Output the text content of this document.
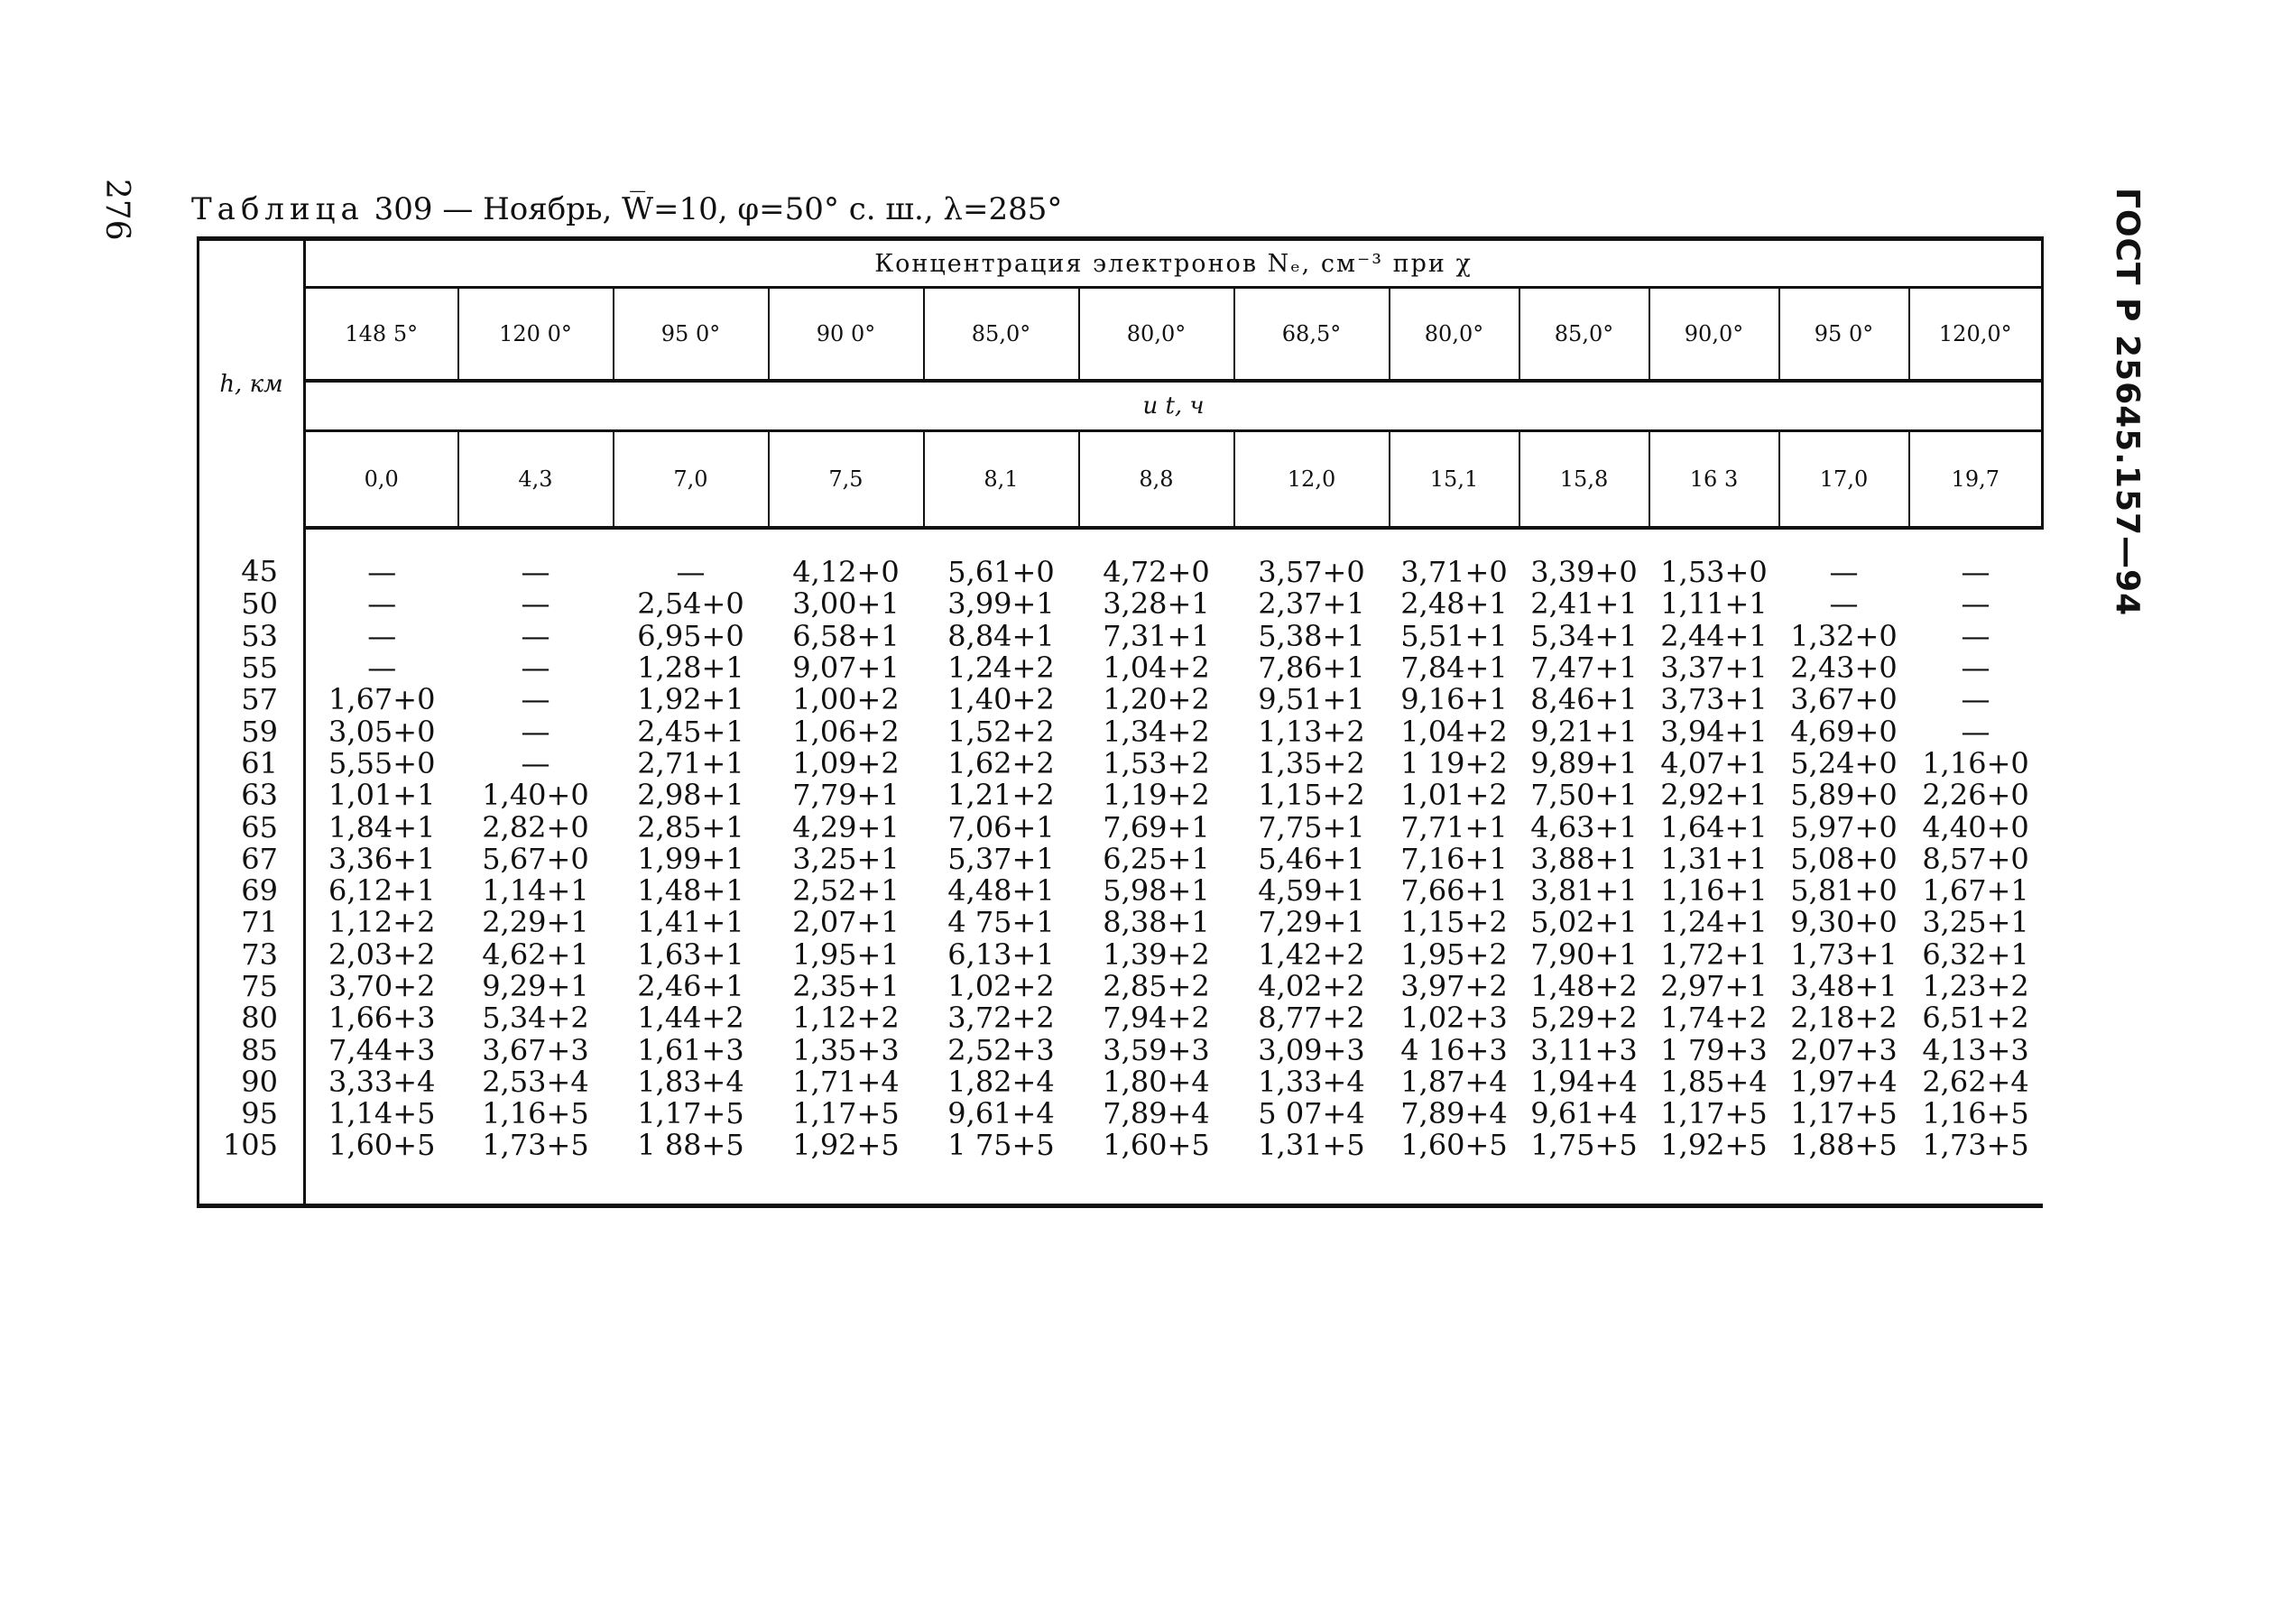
276	ГОСТ Р 25645.157—94
Таблица 309 — Ноябрь, W̅=10, φ=50° с. ш., λ=285°
h, км	Концентрация электронов Nₑ, см⁻³ при χ											
	148 5°	120 0°	95 0°	90 0°	85,0°	80,0°	68,5°	80,0°	85,0°	90,0°	95 0°	120,0°
	и t, ч											
	0,0	4,3	7,0	7,5	8,1	8,8	12,0	15,1	15,8	16 3	17,0	19,7
45	—	—	—	4,12+0	5,61+0	4,72+0	3,57+0	3,71+0	3,39+0	1,53+0	—	—
50	—	—	2,54+0	3,00+1	3,99+1	3,28+1	2,37+1	2,48+1	2,41+1	1,11+1	—	—
53	—	—	6,95+0	6,58+1	8,84+1	7,31+1	5,38+1	5,51+1	5,34+1	2,44+1	1,32+0	—
55	—	—	1,28+1	9,07+1	1,24+2	1,04+2	7,86+1	7,84+1	7,47+1	3,37+1	2,43+0	—
57	1,67+0	—	1,92+1	1,00+2	1,40+2	1,20+2	9,51+1	9,16+1	8,46+1	3,73+1	3,67+0	—
59	3,05+0	—	2,45+1	1,06+2	1,52+2	1,34+2	1,13+2	1,04+2	9,21+1	3,94+1	4,69+0	—
61	5,55+0	—	2,71+1	1,09+2	1,62+2	1,53+2	1,35+2	1 19+2	9,89+1	4,07+1	5,24+0	1,16+0
63	1,01+1	1,40+0	2,98+1	7,79+1	1,21+2	1,19+2	1,15+2	1,01+2	7,50+1	2,92+1	5,89+0	2,26+0
65	1,84+1	2,82+0	2,85+1	4,29+1	7,06+1	7,69+1	7,75+1	7,71+1	4,63+1	1,64+1	5,97+0	4,40+0
67	3,36+1	5,67+0	1,99+1	3,25+1	5,37+1	6,25+1	5,46+1	7,16+1	3,88+1	1,31+1	5,08+0	8,57+0
69	6,12+1	1,14+1	1,48+1	2,52+1	4,48+1	5,98+1	4,59+1	7,66+1	3,81+1	1,16+1	5,81+0	1,67+1
71	1,12+2	2,29+1	1,41+1	2,07+1	4 75+1	8,38+1	7,29+1	1,15+2	5,02+1	1,24+1	9,30+0	3,25+1
73	2,03+2	4,62+1	1,63+1	1,95+1	6,13+1	1,39+2	1,42+2	1,95+2	7,90+1	1,72+1	1,73+1	6,32+1
75	3,70+2	9,29+1	2,46+1	2,35+1	1,02+2	2,85+2	4,02+2	3,97+2	1,48+2	2,97+1	3,48+1	1,23+2
80	1,66+3	5,34+2	1,44+2	1,12+2	3,72+2	7,94+2	8,77+2	1,02+3	5,29+2	1,74+2	2,18+2	6,51+2
85	7,44+3	3,67+3	1,61+3	1,35+3	2,52+3	3,59+3	3,09+3	4 16+3	3,11+3	1 79+3	2,07+3	4,13+3
90	3,33+4	2,53+4	1,83+4	1,71+4	1,82+4	1,80+4	1,33+4	1,87+4	1,94+4	1,85+4	1,97+4	2,62+4
95	1,14+5	1,16+5	1,17+5	1,17+5	9,61+4	7,89+4	5 07+4	7,89+4	9,61+4	1,17+5	1,17+5	1,16+5
105	1,60+5	1,73+5	1 88+5	1,92+5	1 75+5	1,60+5	1,31+5	1,60+5	1,75+5	1,92+5	1,88+5	1,73+5
